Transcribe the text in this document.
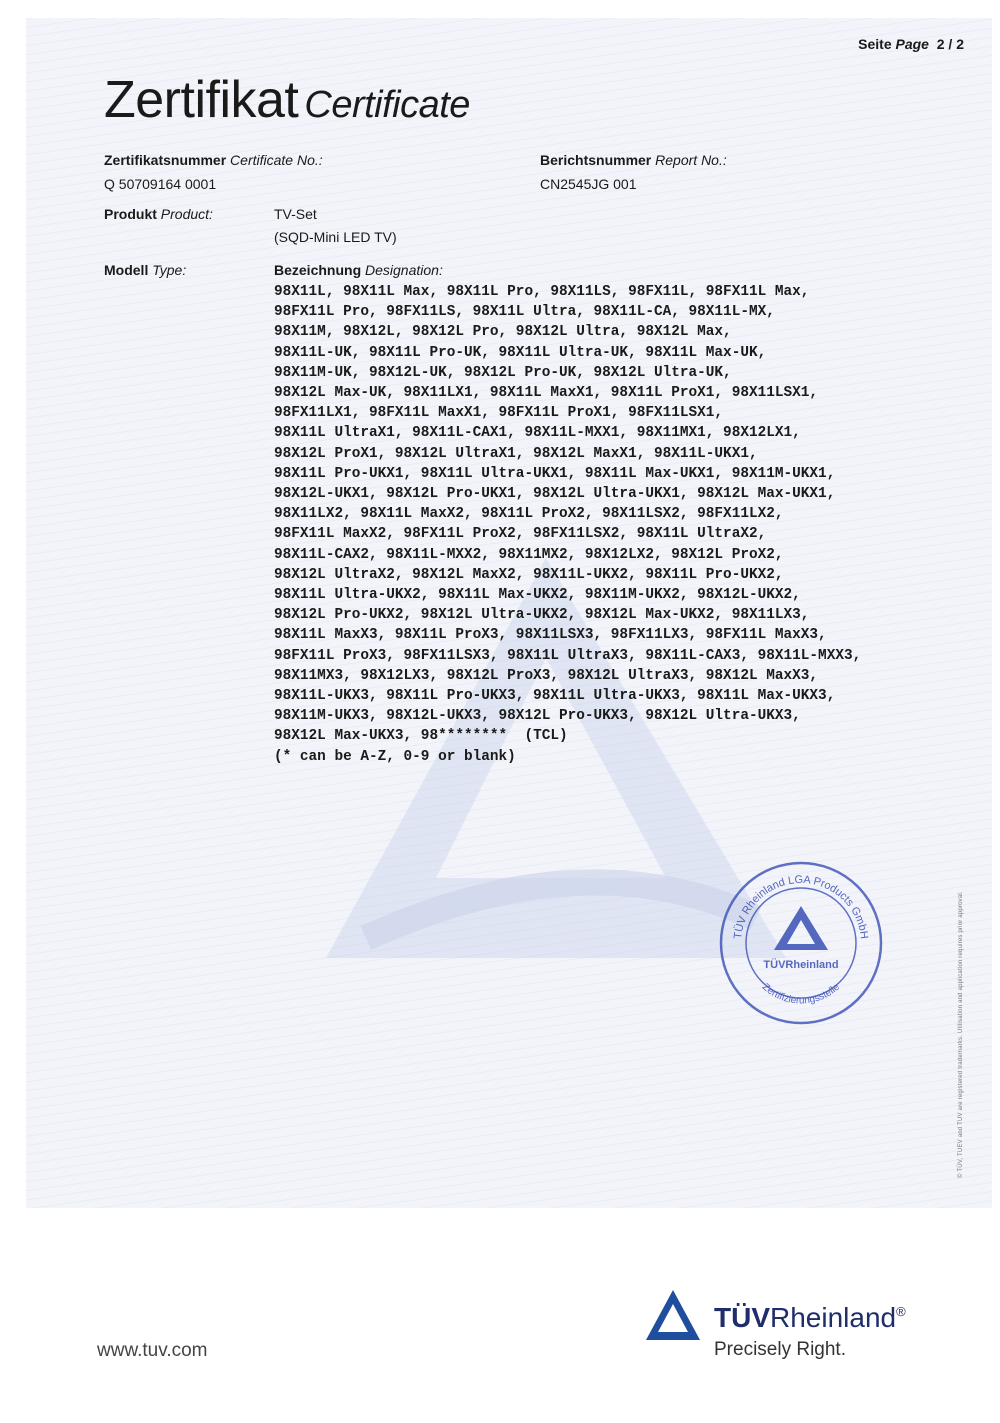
Seite Page 2 / 2
Zertifikat Certificate
Zertifikatsnummer Certificate No.:
Q 50709164 0001
Berichtsnummer Report No.:
CN2545JG 001
Produkt Product:	TV-Set
(SQD-Mini LED TV)
Modell Type:	Bezeichnung Designation:
98X11L, 98X11L Max, 98X11L Pro, 98X11LS, 98FX11L, 98FX11L Max,
98FX11L Pro, 98FX11LS, 98X11L Ultra, 98X11L-CA, 98X11L-MX,
98X11M, 98X12L, 98X12L Pro, 98X12L Ultra, 98X12L Max,
98X11L-UK, 98X11L Pro-UK, 98X11L Ultra-UK, 98X11L Max-UK,
98X11M-UK, 98X12L-UK, 98X12L Pro-UK, 98X12L Ultra-UK,
98X12L Max-UK, 98X11LX1, 98X11L MaxX1, 98X11L ProX1, 98X11LSX1,
98FX11LX1, 98FX11L MaxX1, 98FX11L ProX1, 98FX11LSX1,
98X11L UltraX1, 98X11L-CAX1, 98X11L-MXX1, 98X11MX1, 98X12LX1,
98X12L ProX1, 98X12L UltraX1, 98X12L MaxX1, 98X11L-UKX1,
98X11L Pro-UKX1, 98X11L Ultra-UKX1, 98X11L Max-UKX1, 98X11M-UKX1,
98X12L-UKX1, 98X12L Pro-UKX1, 98X12L Ultra-UKX1, 98X12L Max-UKX1,
98X11LX2, 98X11L MaxX2, 98X11L ProX2, 98X11LSX2, 98FX11LX2,
98FX11L MaxX2, 98FX11L ProX2, 98FX11LSX2, 98X11L UltraX2,
98X11L-CAX2, 98X11L-MXX2, 98X11MX2, 98X12LX2, 98X12L ProX2,
98X12L UltraX2, 98X12L MaxX2, 98X11L-UKX2, 98X11L Pro-UKX2,
98X11L Ultra-UKX2, 98X11L Max-UKX2, 98X11M-UKX2, 98X12L-UKX2,
98X12L Pro-UKX2, 98X12L Ultra-UKX2, 98X12L Max-UKX2, 98X11LX3,
98X11L MaxX3, 98X11L ProX3, 98X11LSX3, 98FX11LX3, 98FX11L MaxX3,
98FX11L ProX3, 98FX11LSX3, 98X11L UltraX3, 98X11L-CAX3, 98X11L-MXX3,
98X11MX3, 98X12LX3, 98X12L ProX3, 98X12L UltraX3, 98X12L MaxX3,
98X11L-UKX3, 98X11L Pro-UKX3, 98X11L Ultra-UKX3, 98X11L Max-UKX3,
98X11M-UKX3, 98X12L-UKX3, 98X12L Pro-UKX3, 98X12L Ultra-UKX3,
98X12L Max-UKX3, 98********  (TCL)
(* can be A-Z, 0-9 or blank)
TÜV Rheinland LGA Products GmbH
Zertifizierungsstelle
TÜVRheinland	© TÜV, TUEV and TUV are registered trademarks. Utilisation and application requires prior approval.
www.tuv.com
TÜVRheinland®
Precisely Right.
